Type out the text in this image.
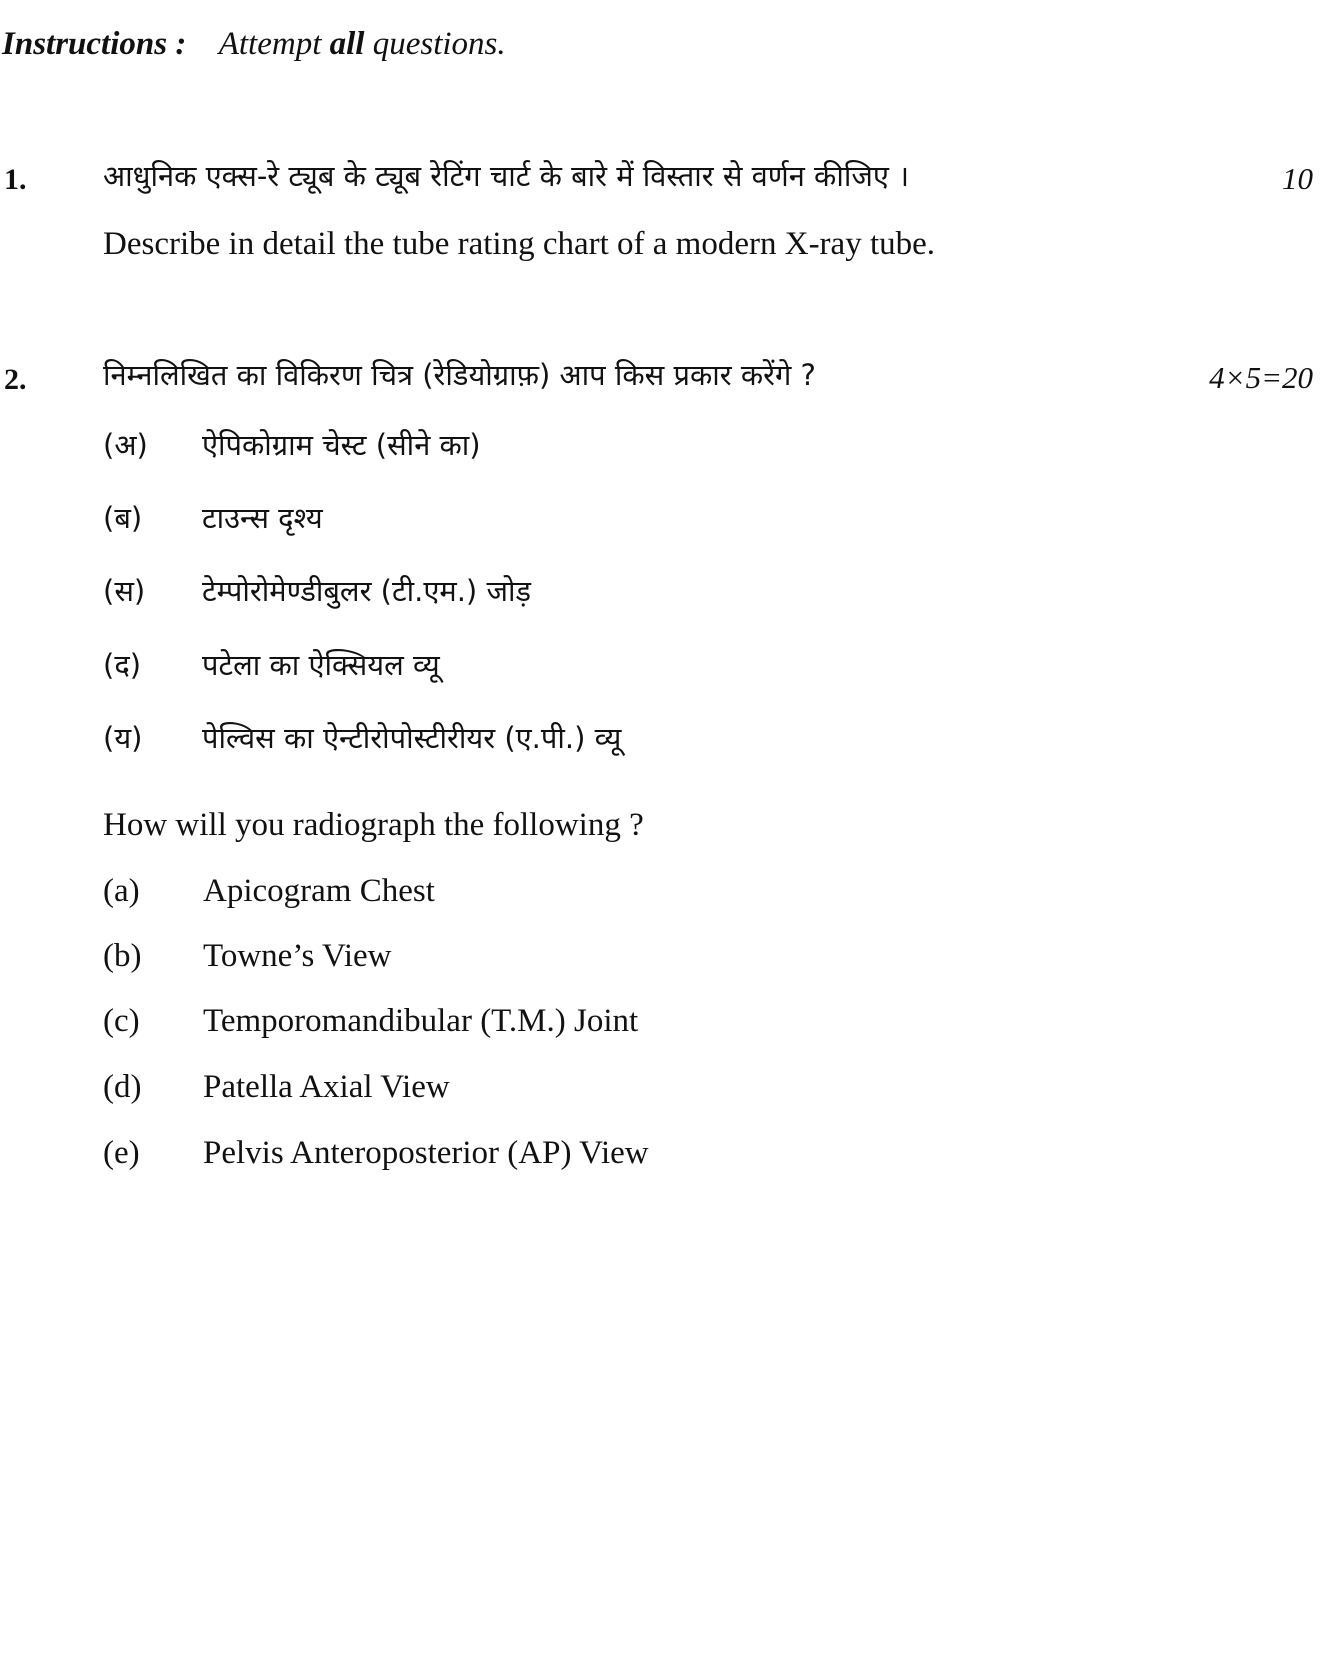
Instructions : Attempt all questions.
1.	आधुनिक एक्स-रे ट्यूब के ट्यूब रेटिंग चार्ट के बारे में विस्तार से वर्णन कीजिए ।	10
Describe in detail the tube rating chart of a modern X-ray tube.
2.	निम्नलिखित का विकिरण चित्र (रेडियोग्राफ़) आप किस प्रकार करेंगे ?	4×5=20
(अ) ऐपिकोग्राम चेस्ट (सीने का)
(ब) टाउन्स दृश्य
(स) टेम्पोरोमेण्डीबुलर (टी.एम.) जोड़
(द) पटेला का ऐक्सियल व्यू
(य) पेल्विस का ऐन्टीरोपोस्टीरीयर (ए.पी.) व्यू
How will you radiograph the following ?
(a) Apicogram Chest
(b) Towne’s View
(c) Temporomandibular (T.M.) Joint
(d) Patella Axial View
(e) Pelvis Anteroposterior (AP) View
